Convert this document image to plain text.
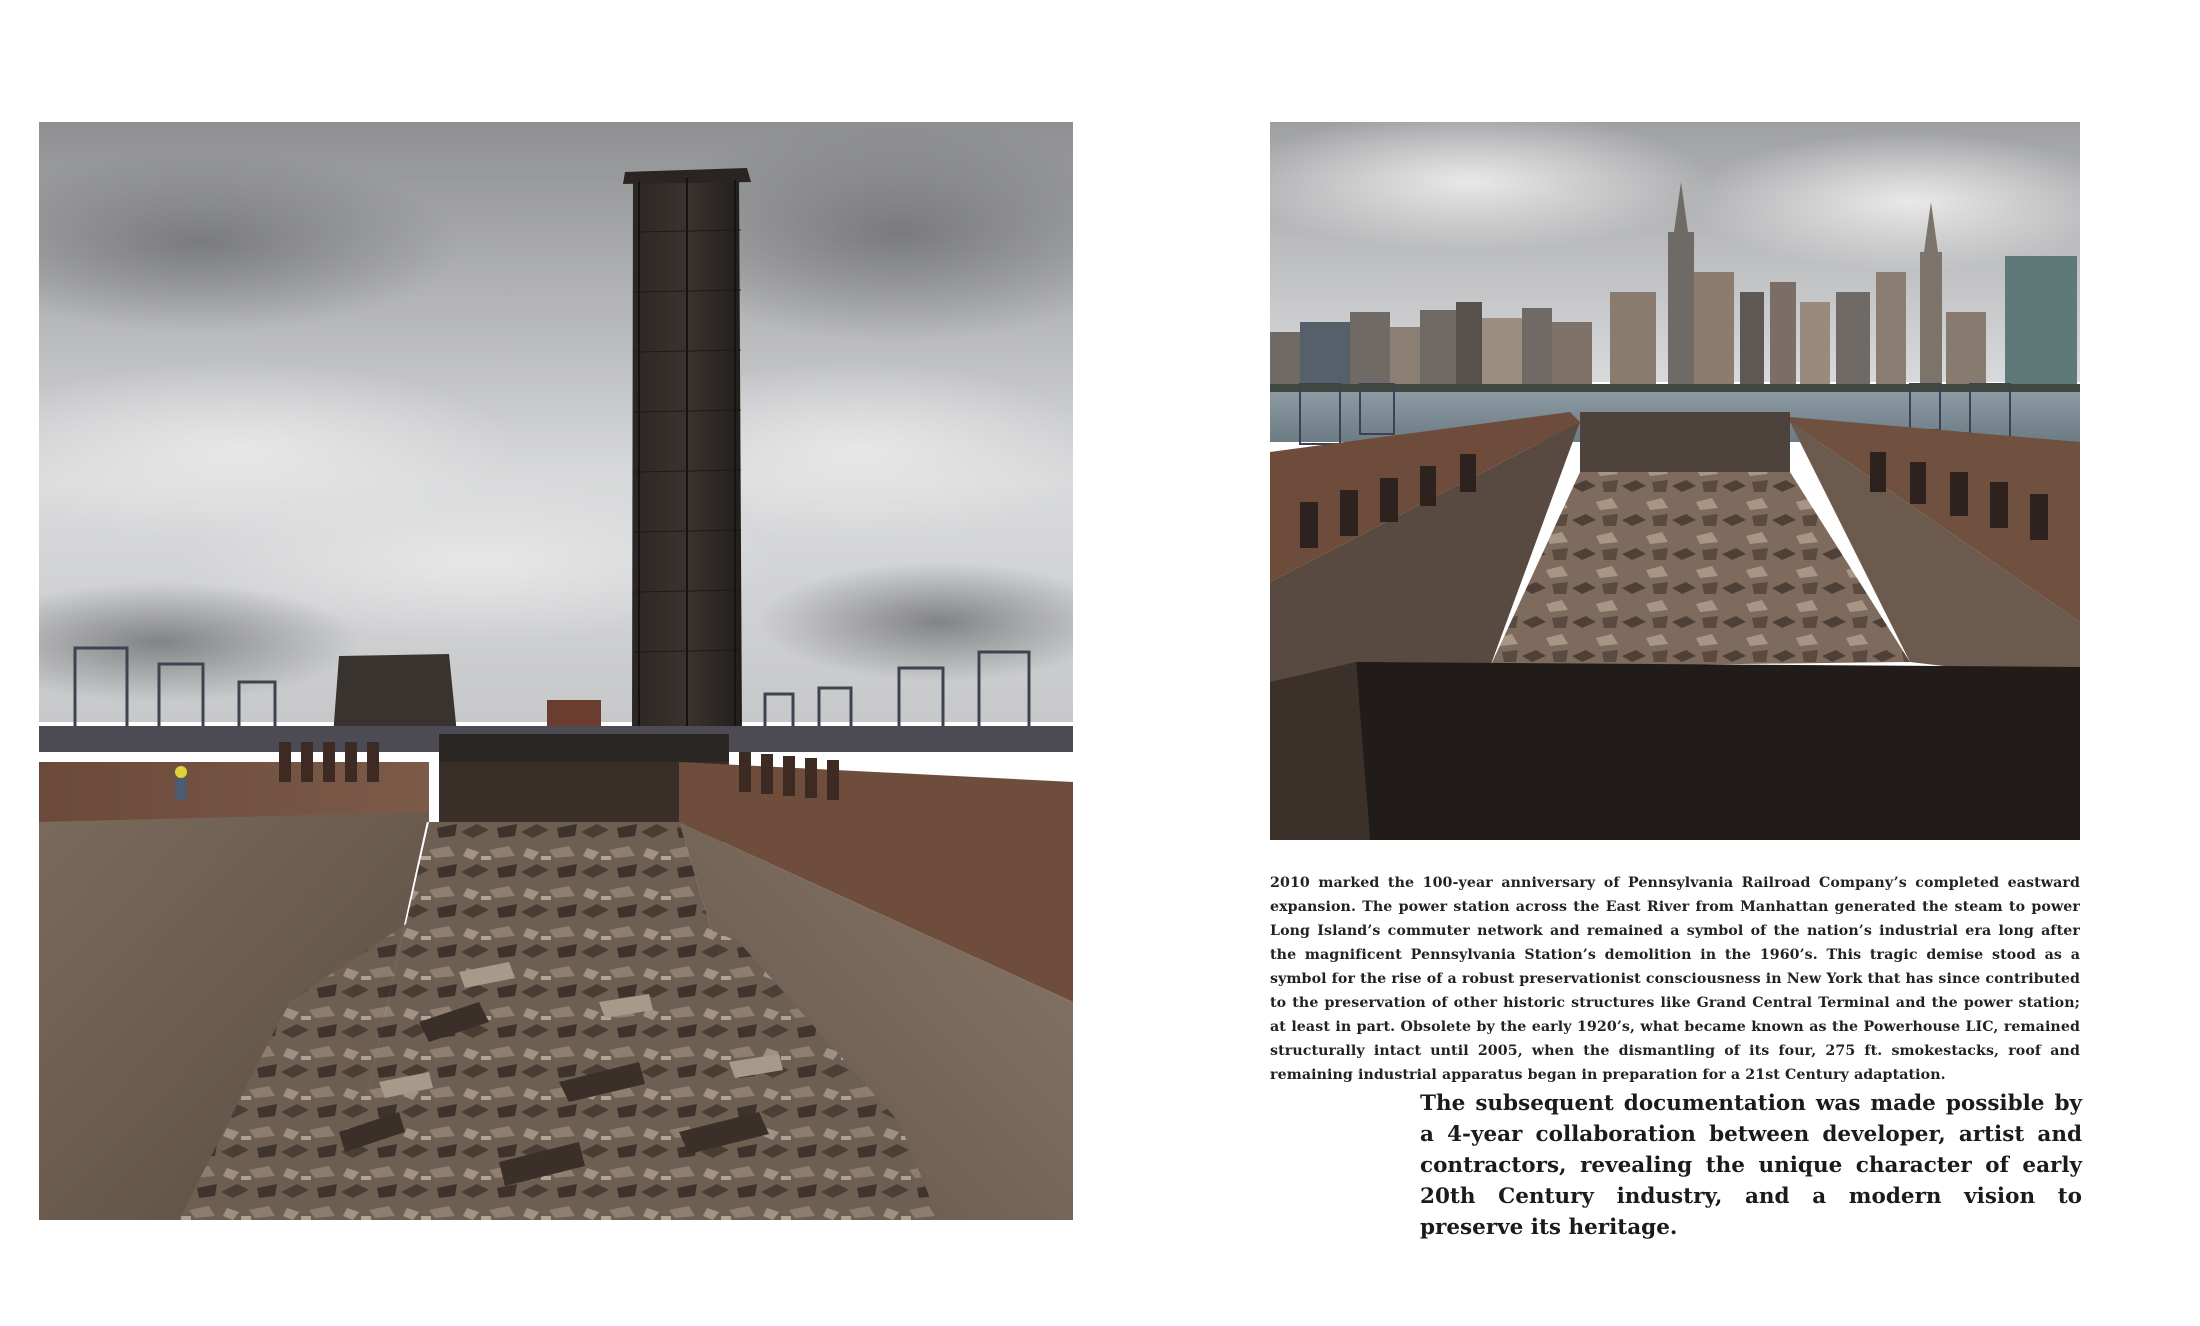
2010 marked the 100-year anniversary of Pennsylvania Railroad Company’s completed eastward expansion. The power station across the East River from Manhattan generated the steam to power Long Island’s commuter network and remained a symbol of the nation’s industrial era long after the magnificent Pennsylvania Station’s demolition in the 1960’s. This tragic demise stood as a symbol for the rise of a robust preservationist consciousness in New York that has since contributed to the preservation of other historic structures like Grand Central Terminal and the power station; at least in part. Obsolete by the early 1920’s, what became known as the Powerhouse LIC, remained structurally intact until 2005, when the dismantling of its four, 275 ft. smokestacks, roof and remaining industrial apparatus began in preparation for a 21st Century adaptation.

The subsequent documentation was made possible by a 4-year collaboration between developer, artist and contractors, revealing the unique character of early 20th Century industry, and a modern vision to preserve its heritage.
